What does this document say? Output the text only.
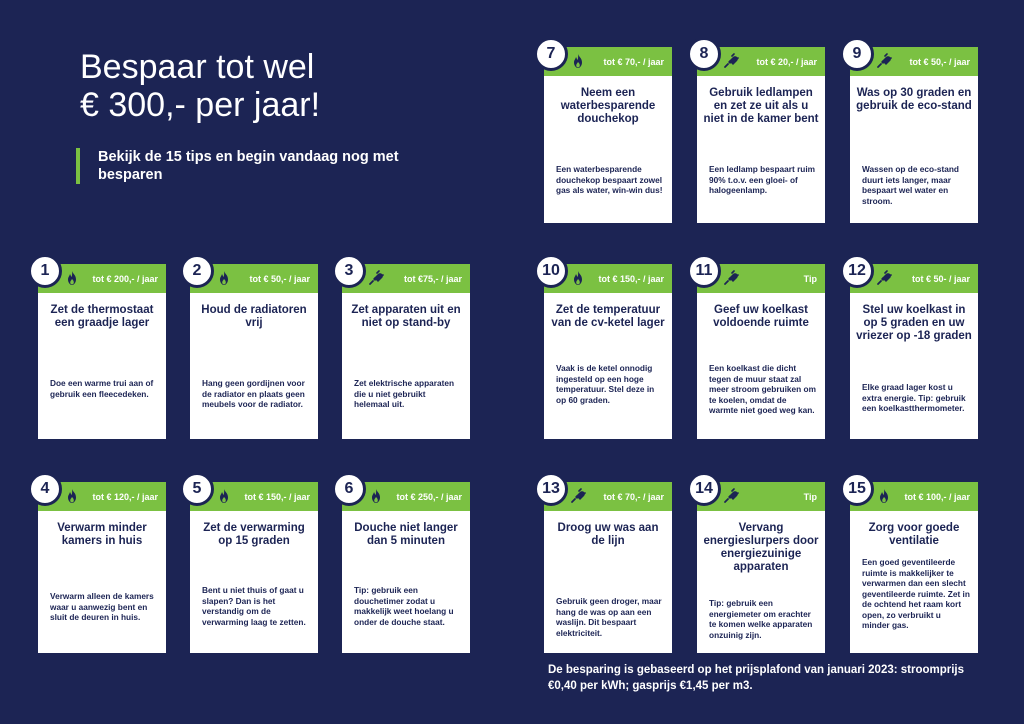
Bespaar tot wel
€ 300,- per jaar!
Bekijk de 15 tips en begin vandaag nog met besparen
tot € 200,- / jaar
1
Zet de thermostaat een graadje lager
Doe een warme trui aan of gebruik een fleecedeken.
tot € 50,- / jaar
2
Houd de radiatoren vrij
Hang geen gordijnen voor de radiator en plaats geen meubels voor de radiator.
tot €75,- / jaar
3
Zet apparaten uit en niet op stand-by
Zet elektrische apparaten die u niet gebruikt helemaal uit.
tot € 120,- / jaar
4
Verwarm minder kamers in huis
Verwarm alleen de kamers waar u aanwezig bent en sluit de deuren in huis.
tot € 150,- / jaar
5
Zet de verwarming op 15 graden
Bent u niet thuis of gaat u slapen? Dan is het verstandig om de verwarming laag te zetten.
tot € 250,- / jaar
6
Douche niet langer dan 5 minuten
Tip: gebruik een douchetimer zodat u makkelijk weet hoelang u onder de douche staat.
tot € 70,- / jaar
7
Neem een waterbesparende douchekop
Een waterbesparende douchekop bespaart zowel gas als water, win-win dus!
tot € 20,- / jaar
8
Gebruik ledlampen en zet ze uit als u niet in de kamer bent
Een ledlamp bespaart ruim 90% t.o.v. een gloei- of halogeenlamp.
tot € 50,- / jaar
9
Was op 30 graden en gebruik de eco-stand
Wassen op de eco-stand duurt iets langer, maar bespaart wel water en stroom.
tot € 150,- / jaar
10
Zet de temperatuur van de cv-ketel lager
Vaak is de ketel onnodig ingesteld op een hoge temperatuur. Stel deze in op 60 graden.
Tip
11
Geef uw koelkast voldoende ruimte
Een koelkast die dicht tegen de muur staat zal meer stroom gebruiken om te koelen, omdat de warmte niet goed weg kan.
tot € 50- / jaar
12
Stel uw koelkast in op 5 graden en uw vriezer op -18 graden
Elke graad lager kost u extra energie. Tip: gebruik een koelkastthermometer.
tot € 70,- / jaar
13
Droog uw was aan de lijn
Gebruik geen droger, maar hang de was op aan een waslijn. Dit bespaart elektriciteit.
Tip
14
Vervang energieslurpers door energiezuinige apparaten
Tip: gebruik een energiemeter om erachter te komen welke apparaten onzuinig zijn.
tot € 100,- / jaar
15
Zorg voor goede ventilatie
Een goed geventileerde ruimte is makkelijker te verwarmen dan een slecht geventileerde ruimte. Zet in de ochtend het raam kort open, zo verbruikt u minder gas.
De besparing is gebaseerd op het prijsplafond van januari 2023: stroomprijs €0,40 per kWh; gasprijs €1,45 per m3.
